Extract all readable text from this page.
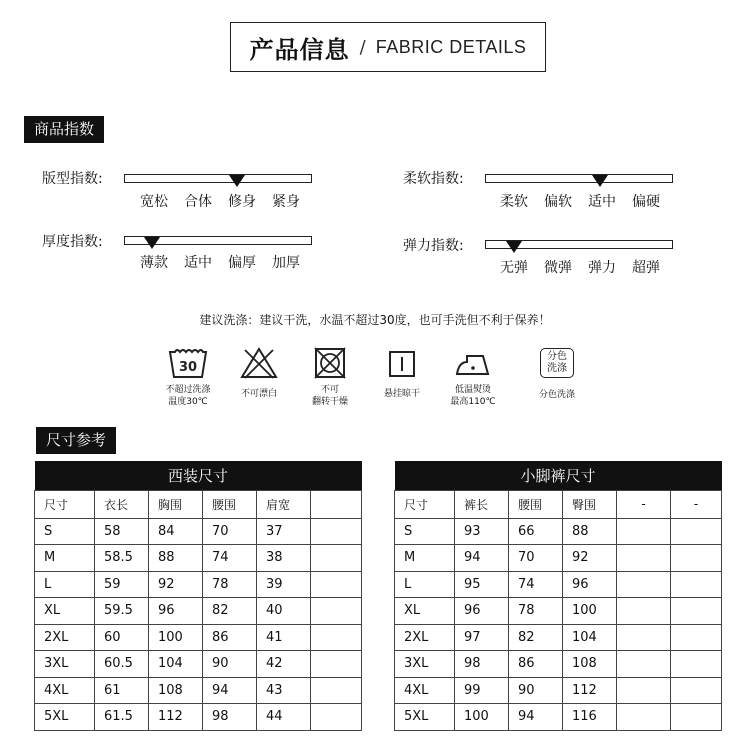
产品信息 / FABRIC DETAILS
商品指数
版型指数:
宽松	合体	修身	紧身
柔软指数:
柔软	偏软	适中	偏硬
厚度指数:
薄款	适中	偏厚	加厚
弹力指数:
无弹	微弹	弹力	超弹
建议洗涤：建议干洗，水温不超过30度，也可手洗但不利于保养！
30
不超过洗涤
温度30℃
不可漂白	不可
翻转干燥
悬挂晾干	低温熨烫
最高110℃
分色
洗涤
分色洗涤
尺寸参考
西装尺寸					
尺寸	衣长	胸围	腰围	肩宽	
S	58	84	70	37	
M	58.5	88	74	38	
L	59	92	78	39	
XL	59.5	96	82	40	
2XL	60	100	86	41	
3XL	60.5	104	90	42	
4XL	61	108	94	43	
5XL	61.5	112	98	44	
小脚裤尺寸					
尺寸	裤长	腰围	臀围	-	-
S	93	66	88		
M	94	70	92		
L	95	74	96		
XL	96	78	100		
2XL	97	82	104		
3XL	98	86	108		
4XL	99	90	112		
5XL	100	94	116		
